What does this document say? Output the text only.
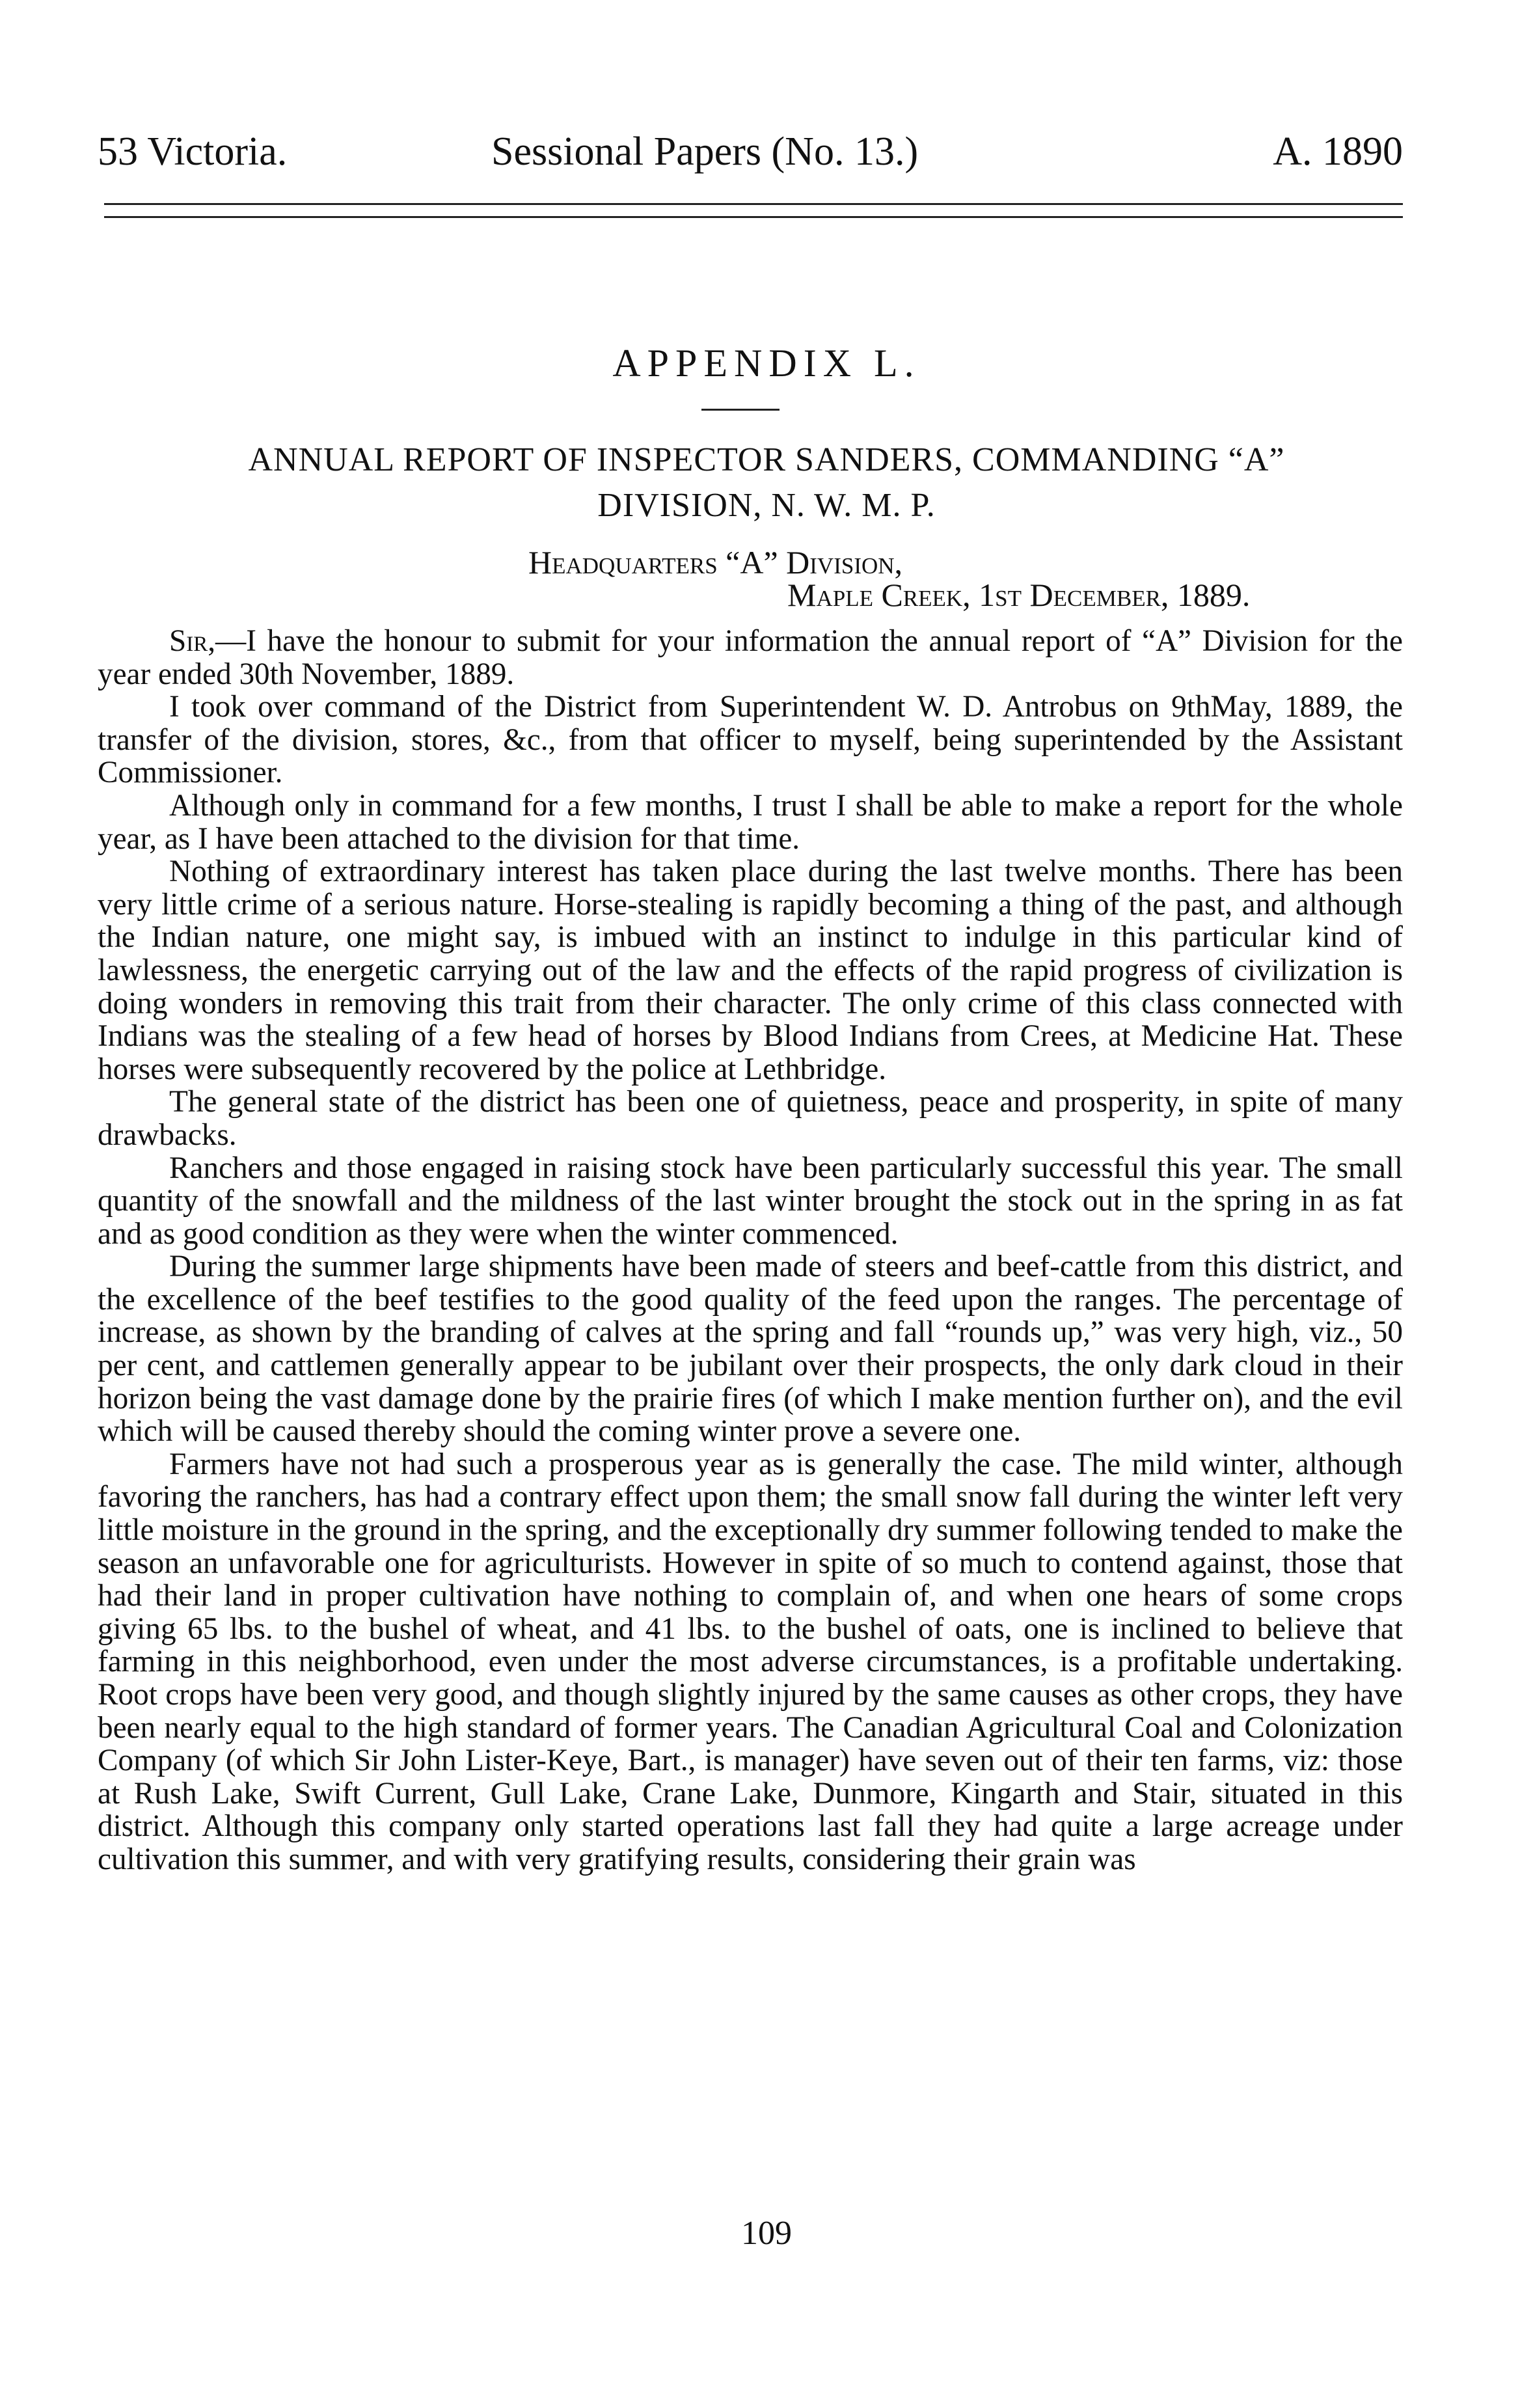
53 Victoria.	Sessional Papers (No. 13.)	A. 1890
APPENDIX L.
ANNUAL REPORT OF INSPECTOR SANDERS, COMMANDING “A”
DIVISION, N. W. M. P.
Headquarters “A” Division,
Maple Creek, 1st December, 1889.

Sir,—I have the honour to submit for your information the annual report of “A” Division for the year ended 30th November, 1889.

I took over command of the District from Superintendent W. D. Antrobus on 9thMay, 1889, the transfer of the division, stores, &c., from that officer to myself, being superintended by the Assistant Commissioner.

Although only in command for a few months, I trust I shall be able to make a report for the whole year, as I have been attached to the division for that time.

Nothing of extraordinary interest has taken place during the last twelve months. There has been very little crime of a serious nature. Horse-stealing is rapidly becoming a thing of the past, and although the Indian nature, one might say, is imbued with an instinct to indulge in this particular kind of lawlessness, the energetic carrying out of the law and the effects of the rapid progress of civilization is doing wonders in removing this trait from their character. The only crime of this class connected with Indians was the stealing of a few head of horses by Blood Indians from Crees, at Medicine Hat. These horses were subsequently recovered by the police at Lethbridge.

The general state of the district has been one of quietness, peace and prosperity, in spite of many drawbacks.

Ranchers and those engaged in raising stock have been particularly successful this year. The small quantity of the snowfall and the mildness of the last winter brought the stock out in the spring in as fat and as good condition as they were when the winter commenced.

During the summer large shipments have been made of steers and beef-cattle from this district, and the excellence of the beef testifies to the good quality of the feed upon the ranges. The percentage of increase, as shown by the branding of calves at the spring and fall “rounds up,” was very high, viz., 50 per cent, and cattlemen generally appear to be jubilant over their prospects, the only dark cloud in their horizon being the vast damage done by the prairie fires (of which I make mention further on), and the evil which will be caused thereby should the coming winter prove a severe one.

Farmers have not had such a prosperous year as is generally the case. The mild winter, although favoring the ranchers, has had a contrary effect upon them; the small snow fall during the winter left very little moisture in the ground in the spring, and the exceptionally dry summer following tended to make the season an unfavorable one for agriculturists. However in spite of so much to contend against, those that had their land in proper cultivation have nothing to complain of, and when one hears of some crops giving 65 lbs. to the bushel of wheat, and 41 lbs. to the bushel of oats, one is inclined to believe that farming in this neighborhood, even under the most adverse circumstances, is a profitable undertaking. Root crops have been very good, and though slightly injured by the same causes as other crops, they have been nearly equal to the high standard of former years. The Canadian Agricultural Coal and Colonization Company (of which Sir John Lister-Keye, Bart., is manager) have seven out of their ten farms, viz: those at Rush Lake, Swift Current, Gull Lake, Crane Lake, Dunmore, Kingarth and Stair, situated in this district. Although this company only started operations last fall they had quite a large acreage under cultivation this summer, and with very gratifying results, considering their grain was

109
